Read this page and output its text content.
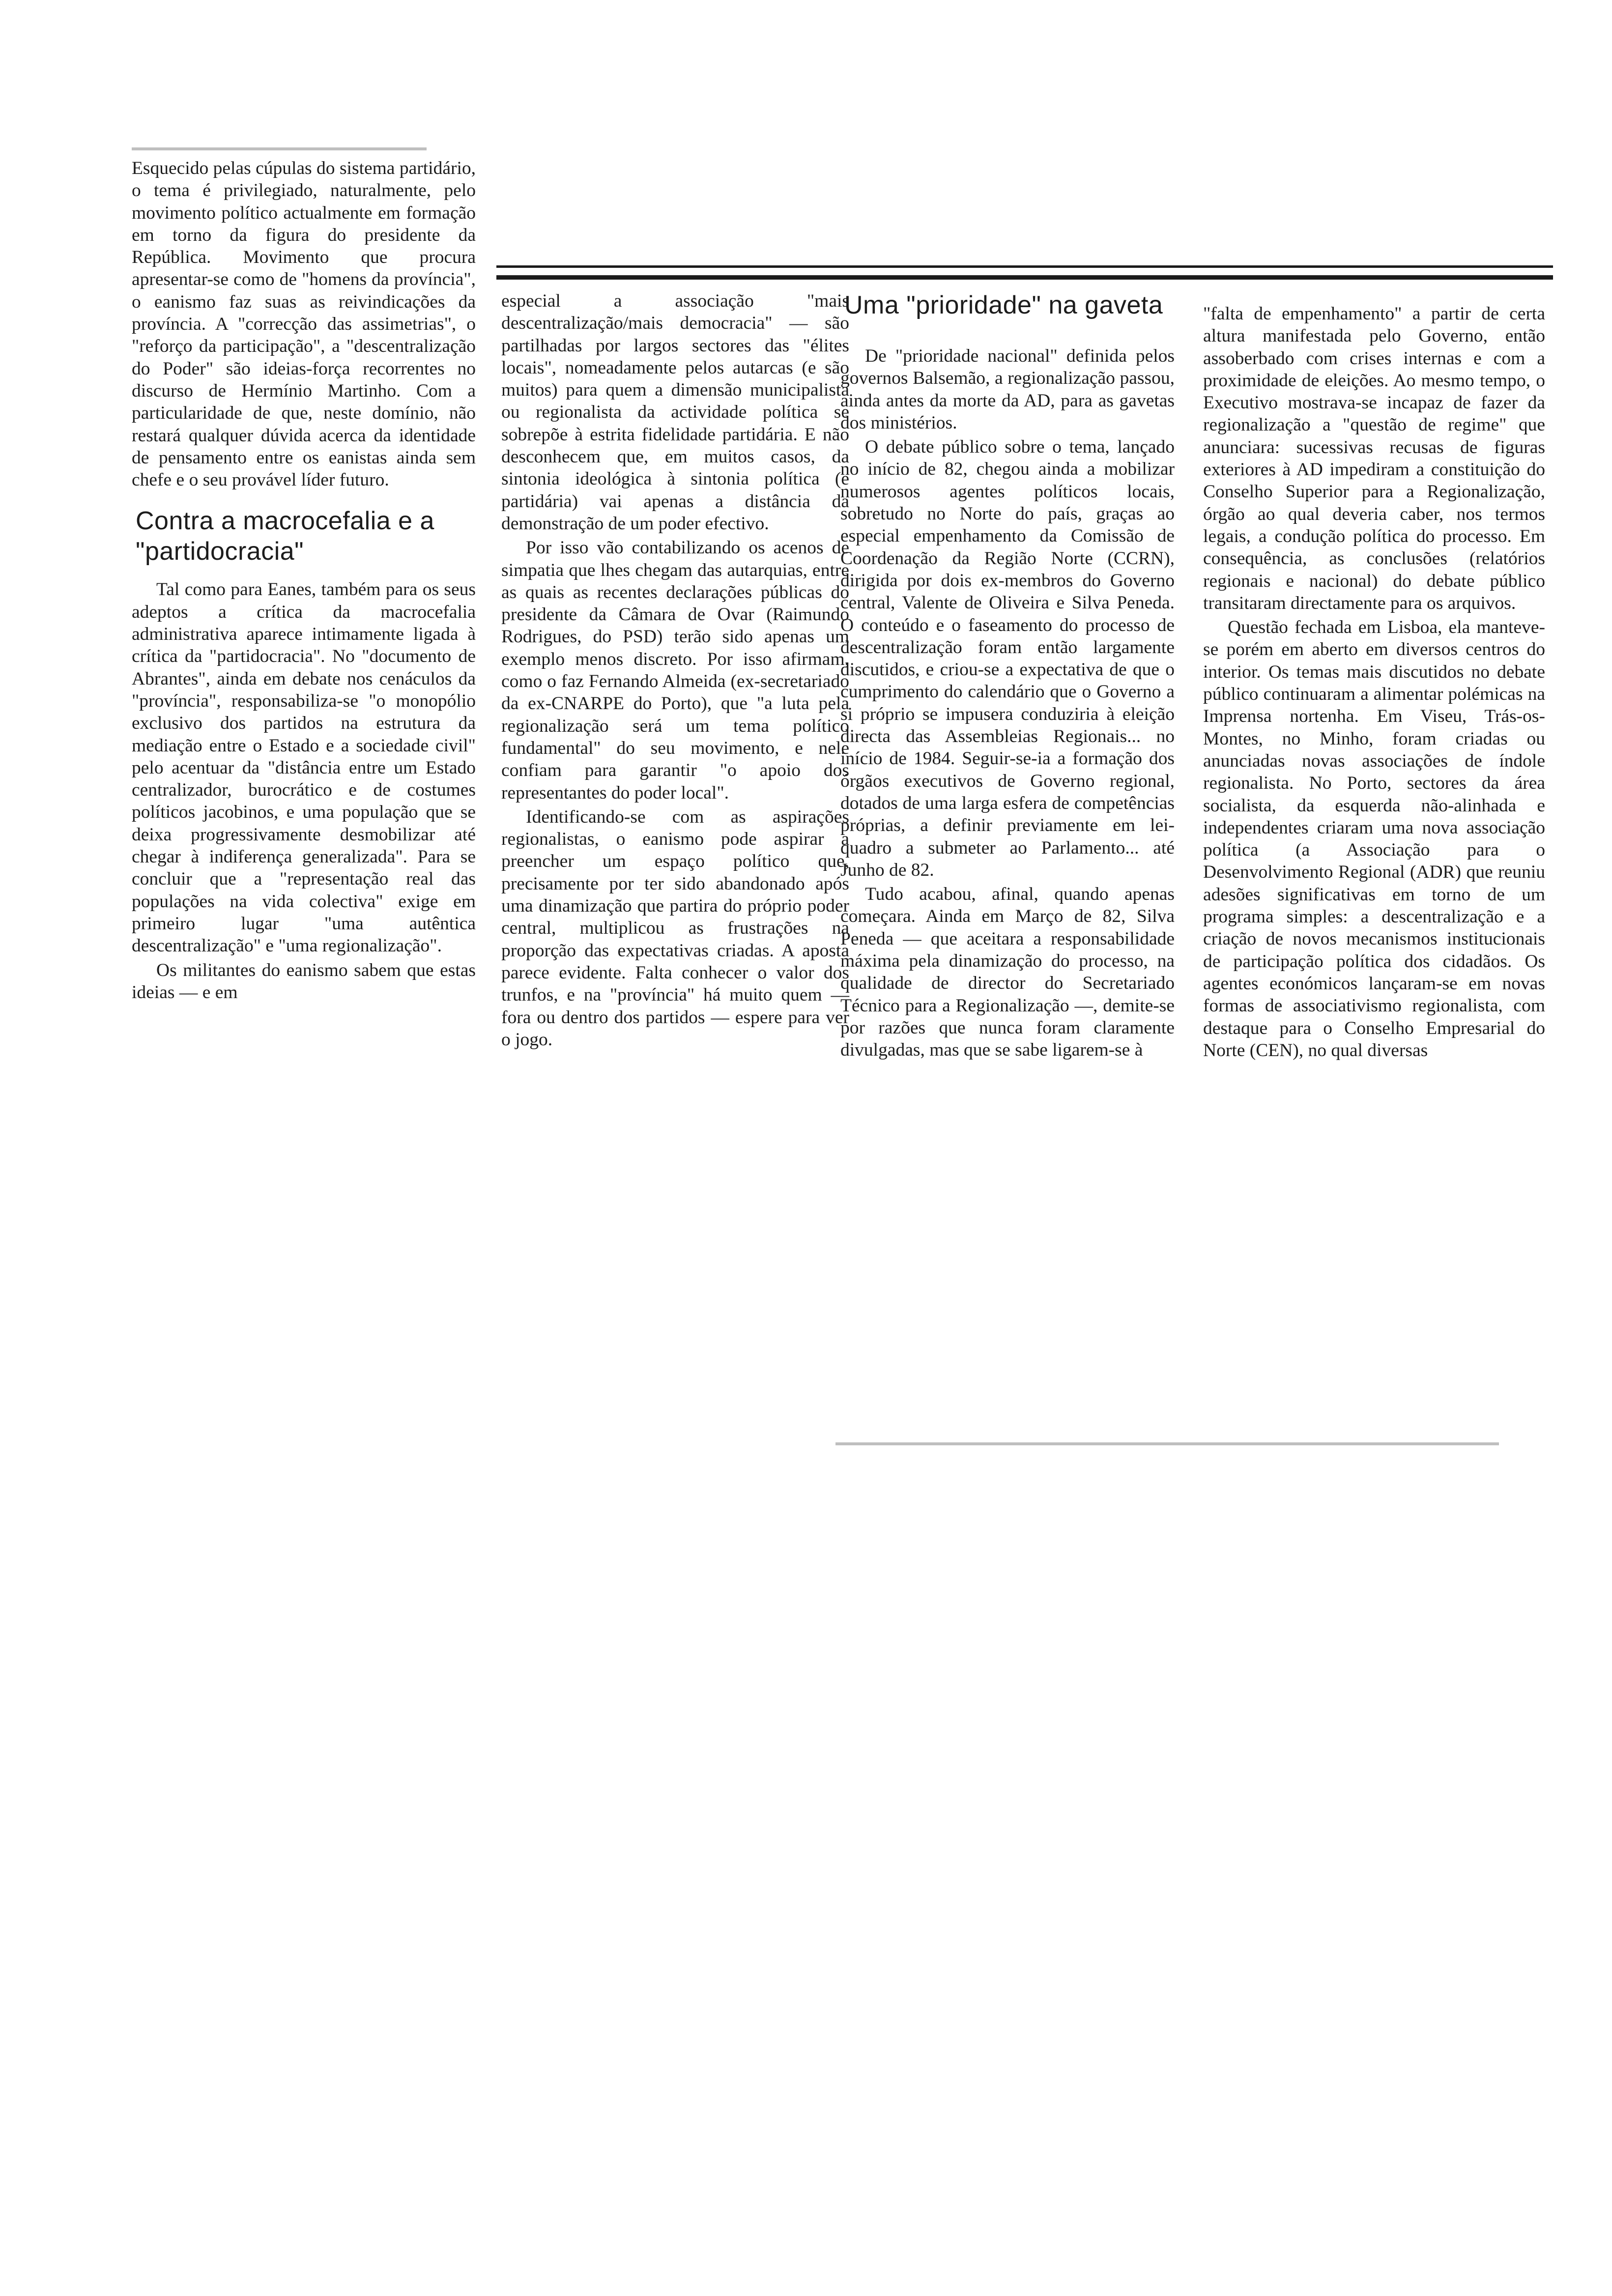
Esquecido pelas cúpulas do sistema partidário, o tema é privilegiado, naturalmente, pelo movimento político actualmente em formação em torno da figura do presidente da República. Movimento que procura apresentar-se como de "homens da província", o eanismo faz suas as reivindicações da província. A "correcção das assimetrias", o "reforço da participação", a "descentralização do Poder" são ideias-força recorrentes no discurso de Hermínio Martinho. Com a particularidade de que, neste domínio, não restará qualquer dúvida acerca da identidade de pensamento entre os eanistas ainda sem chefe e o seu provável líder futuro.

Contra a macrocefalia e a "partidocracia"

Tal como para Eanes, também para os seus adeptos a crítica da macrocefalia administrativa aparece intimamente ligada à crítica da "partidocracia". No "documento de Abrantes", ainda em debate nos cenáculos da "província", responsabiliza-se "o monopólio exclusivo dos partidos na estrutura da mediação entre o Estado e a sociedade civil" pelo acentuar da "distância entre um Estado centralizador, burocrático e de costumes políticos jacobinos, e uma população que se deixa progressivamente desmobilizar até chegar à indiferença generalizada". Para se concluir que a "representação real das populações na vida colectiva" exige em primeiro lugar "uma autêntica descentralização" e "uma regionalização".

Os militantes do eanismo sabem que estas ideias — e em

especial a associação "mais descentralização/mais democracia" — são partilhadas por largos sectores das "élites locais", nomeadamente pelos autarcas (e são muitos) para quem a dimensão municipalista ou regionalista da actividade política se sobrepõe à estrita fidelidade partidária. E não desconhecem que, em muitos casos, da sintonia ideológica à sintonia política (e partidária) vai apenas a distância da demonstração de um poder efectivo.

Por isso vão contabilizando os acenos de simpatia que lhes chegam das autarquias, entre as quais as recentes declarações públicas do presidente da Câmara de Ovar (Raimundo Rodrigues, do PSD) terão sido apenas um exemplo menos discreto. Por isso afirmam, como o faz Fernando Almeida (ex-secretariado da ex-CNARPE do Porto), que "a luta pela regionalização será um tema político fundamental" do seu movimento, e nele confiam para garantir "o apoio dos representantes do poder local".

Identificando-se com as aspirações regionalistas, o eanismo pode aspirar a preencher um espaço político que, precisamente por ter sido abandonado após uma dinamização que partira do próprio poder central, multiplicou as frustrações na proporção das expectativas criadas. A aposta parece evidente. Falta conhecer o valor dos trunfos, e na "província" há muito quem — fora ou dentro dos partidos — espere para ver o jogo.

Uma "prioridade" na gaveta

De "prioridade nacional" definida pelos governos Balsemão, a regionalização passou, ainda antes da morte da AD, para as gavetas dos ministérios.

O debate público sobre o tema, lançado no início de 82, chegou ainda a mobilizar numerosos agentes políticos locais, sobretudo no Norte do país, graças ao especial empenhamento da Comissão de Coordenação da Região Norte (CCRN), dirigida por dois ex-membros do Governo central, Valente de Oliveira e Silva Peneda. O conteúdo e o faseamento do processo de descentralização foram então largamente discutidos, e criou-se a expectativa de que o cumprimento do calendário que o Governo a si próprio se impusera conduziria à eleição directa das Assembleias Regionais... no início de 1984. Seguir-se-ia a formação dos órgãos executivos de Governo regional, dotados de uma larga esfera de competências próprias, a definir previamente em lei-quadro a submeter ao Parlamento... até Junho de 82.

Tudo acabou, afinal, quando apenas começara. Ainda em Março de 82, Silva Peneda — que aceitara a responsabilidade máxima pela dinamização do processo, na qualidade de director do Secretariado Técnico para a Regionalização —, demite-se por razões que nunca foram claramente divulgadas, mas que se sabe ligarem-se à

"falta de empenhamento" a partir de certa altura manifestada pelo Governo, então assoberbado com crises internas e com a proximidade de eleições. Ao mesmo tempo, o Executivo mostrava-se incapaz de fazer da regionalização a "questão de regime" que anunciara: sucessivas recusas de figuras exteriores à AD impediram a constituição do Conselho Superior para a Regionalização, órgão ao qual deveria caber, nos termos legais, a condução política do processo. Em consequência, as conclusões (relatórios regionais e nacional) do debate público transitaram directamente para os arquivos.

Questão fechada em Lisboa, ela manteve-se porém em aberto em diversos centros do interior. Os temas mais discutidos no debate público continuaram a alimentar polémicas na Imprensa nortenha. Em Viseu, Trás-os-Montes, no Minho, foram criadas ou anunciadas novas associações de índole regionalista. No Porto, sectores da área socialista, da esquerda não-alinhada e independentes criaram uma nova associação política (a Associação para o Desenvolvimento Regional (ADR) que reuniu adesões significativas em torno de um programa simples: a descentralização e a criação de novos mecanismos institucionais de participação política dos cidadãos. Os agentes económicos lançaram-se em novas formas de associativismo regionalista, com destaque para o Conselho Empresarial do Norte (CEN), no qual diversas
